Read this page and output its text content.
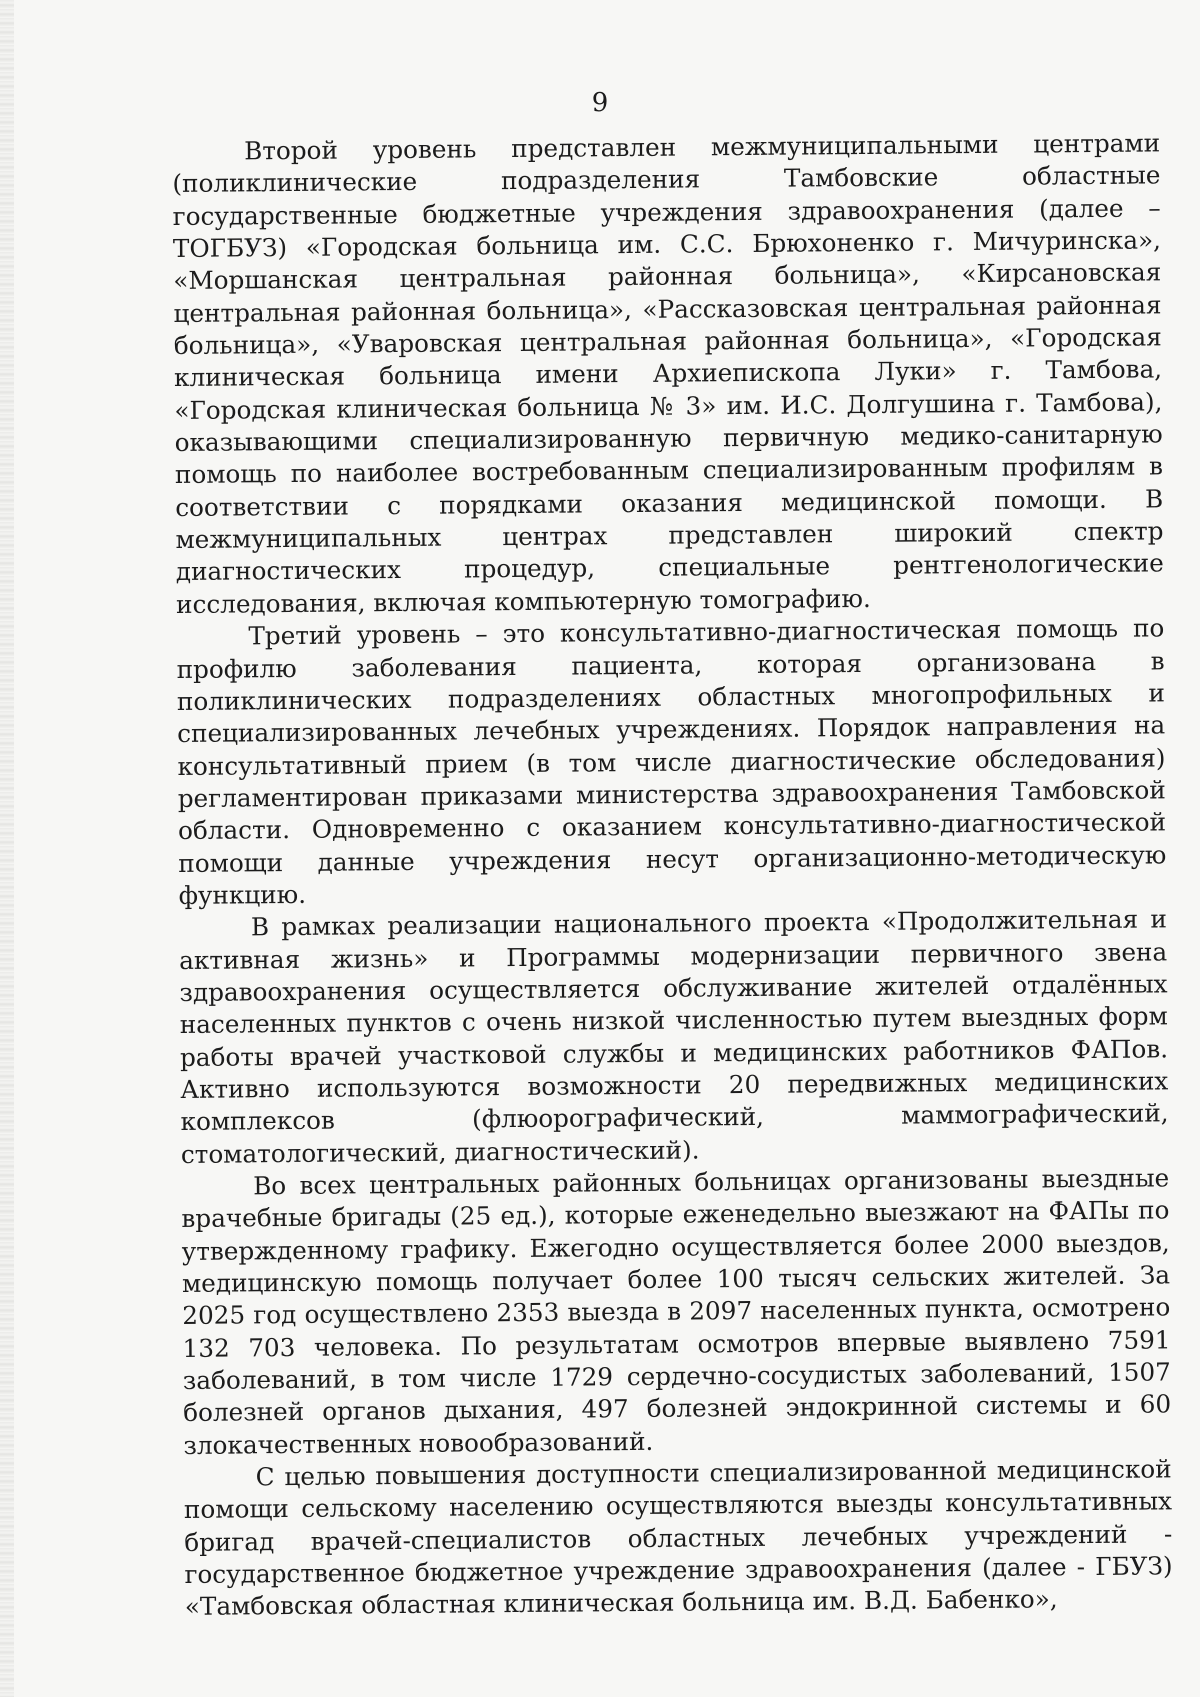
9

Второй уровень представлен межмуниципальными центрами (поликлинические подразделения Тамбовские областные государственные бюджетные учреждения здравоохранения (далее – ТОГБУЗ) «Городская больница им. С.С. Брюхоненко г. Мичуринска», «Моршанская центральная районная больница», «Кирсановская центральная районная больница», «Рассказовская центральная районная больница», «Уваровская центральная районная больница», «Городская клиническая больница имени Архиепископа Луки» г. Тамбова, «Городская клиническая больница № 3» им. И.С. Долгушина г. Тамбова), оказывающими специализированную первичную медико-санитарную помощь по наиболее востребованным специализированным профилям в соответствии с порядками оказания медицинской помощи. В межмуниципальных центрах представлен широкий спектр диагностических процедур, специальные рентгенологические исследования, включая компьютерную томографию.

Третий уровень – это консультативно-диагностическая помощь по профилю заболевания пациента, которая организована в поликлинических подразделениях областных многопрофильных и специализированных лечебных учреждениях. Порядок направления на консультативный прием (в том числе диагностические обследования) регламентирован приказами министерства здравоохранения Тамбовской области. Одновременно с оказанием консультативно-диагностической помощи данные учреждения несут организационно-методическую функцию.

В рамках реализации национального проекта «Продолжительная и активная жизнь» и Программы модернизации первичного звена здравоохранения осуществляется обслуживание жителей отдалённых населенных пунктов с очень низкой численностью путем выездных форм работы врачей участковой службы и медицинских работников ФАПов. Активно используются возможности 20 передвижных медицинских комплексов (флюорографический, маммографический, стоматологический, диагностический).

Во всех центральных районных больницах организованы выездные врачебные бригады (25 ед.), которые еженедельно выезжают на ФАПы по утвержденному графику. Ежегодно осуществляется более 2000 выездов, медицинскую помощь получает более 100 тысяч сельских жителей. За 2025 год осуществлено 2353 выезда в 2097 населенных пункта, осмотрено 132 703 человека. По результатам осмотров впервые выявлено 7591 заболеваний, в том числе 1729 сердечно-сосудистых заболеваний, 1507 болезней органов дыхания, 497 болезней эндокринной системы и 60 злокачественных новообразований.

С целью повышения доступности специализированной медицинской помощи сельскому населению осуществляются выезды консультативных бригад врачей-специалистов областных лечебных учреждений - государственное бюджетное учреждение здравоохранения (далее - ГБУЗ) «Тамбовская областная клиническая больница им. В.Д. Бабенко»,
